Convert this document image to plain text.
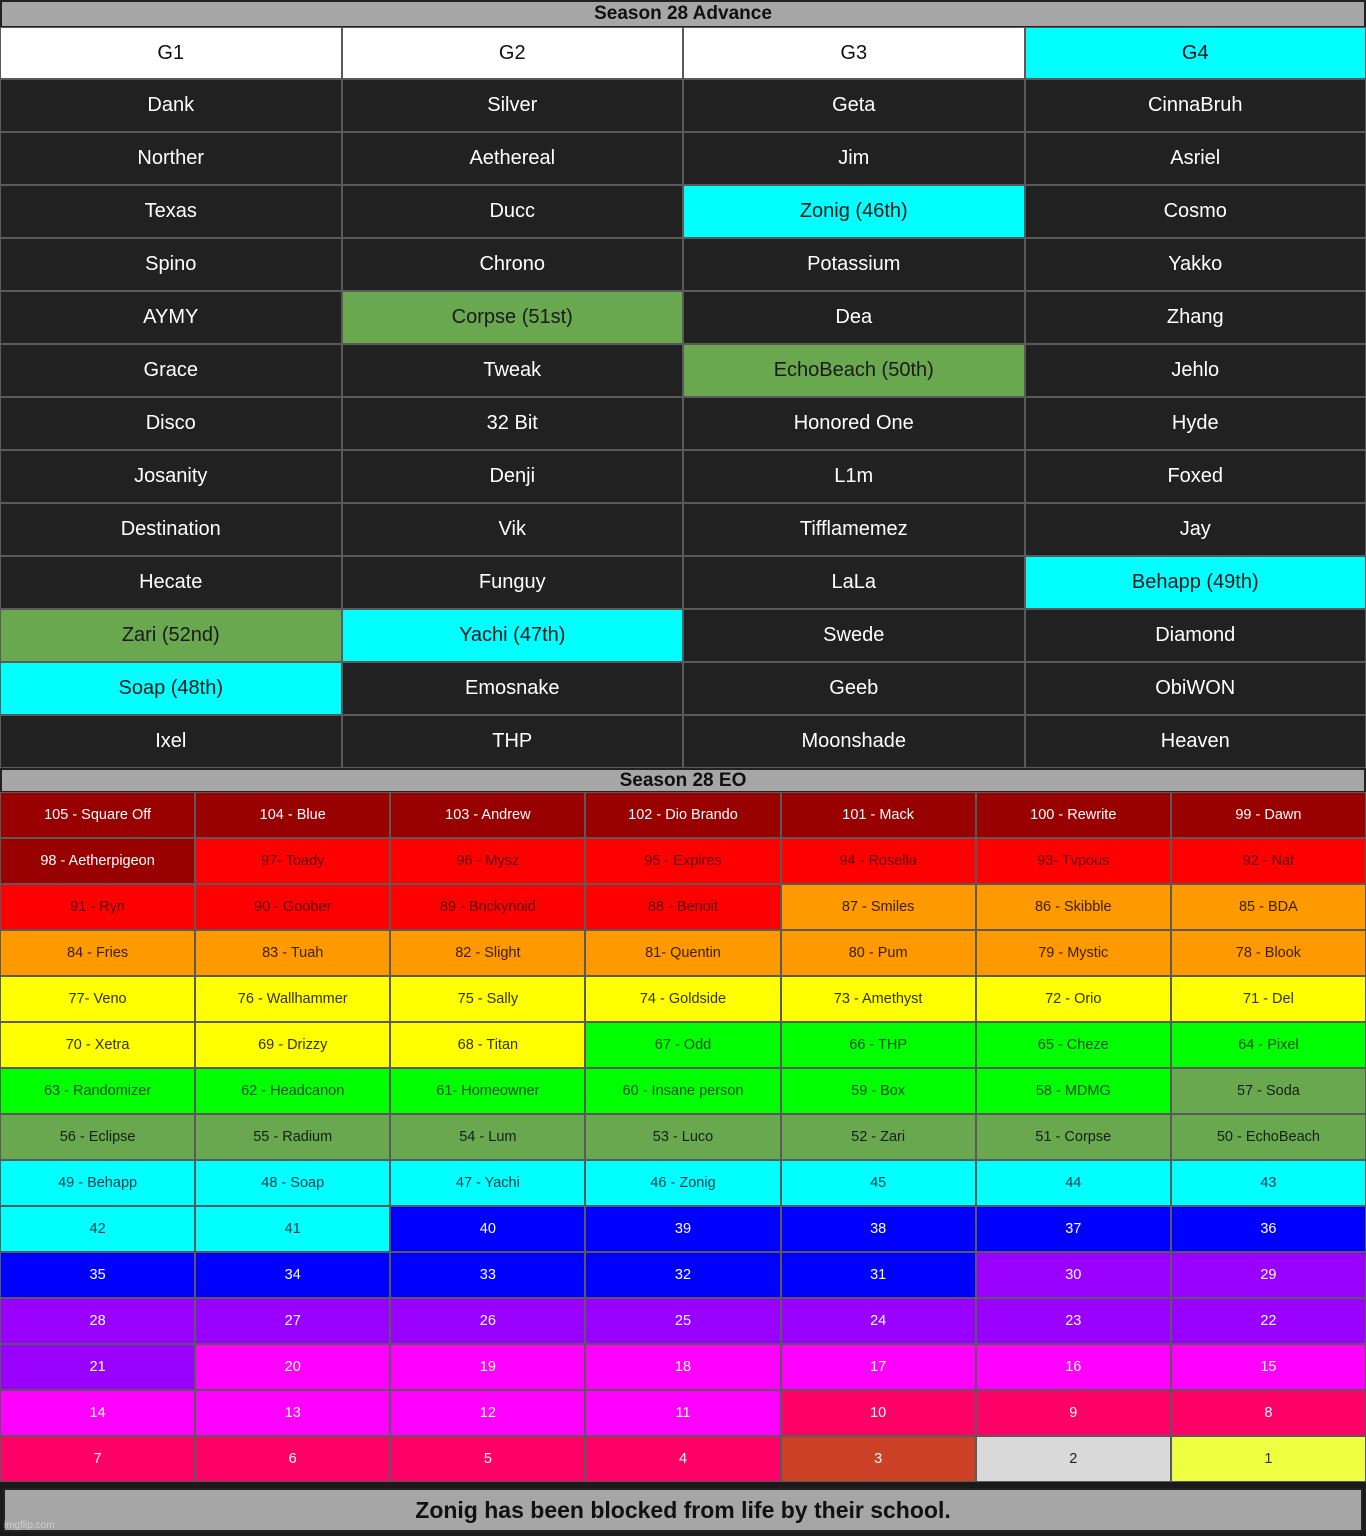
Season 28 Advance
G1	G2	G3	G4
Dank	Silver	Geta	CinnaBruh
Norther	Aethereal	Jim	Asriel
Texas	Ducc	Zonig (46th)	Cosmo
Spino	Chrono	Potassium	Yakko
AYMY	Corpse (51st)	Dea	Zhang
Grace	Tweak	EchoBeach (50th)	Jehlo
Disco	32 Bit	Honored One	Hyde
Josanity	Denji	L1m	Foxed
Destination	Vik	Tifflamemez	Jay
Hecate	Funguy	LaLa	Behapp (49th)
Zari (52nd)	Yachi (47th)	Swede	Diamond
Soap (48th)	Emosnake	Geeb	ObiWON
Ixel	THP	Moonshade	Heaven
Season 28 EO
105 - Square Off	104 - Blue	103 - Andrew	102 - Dio Brando	101 - Mack	100 - Rewrite	99 - Dawn
98 - Aetherpigeon	97- Toady	96 - Mysz	95 - Expires	94 - Rosella	93- Tvpous	92 - Nat
91 - Ryn	90 - Goober	89 - Brickynoid	88 - Benoit	87 - Smiles	86 - Skibble	85 - BDA
84 - Fries	83 - Tuah	82 - Slight	81- Quentin	80 - Pum	79 - Mystic	78 - Blook
77- Veno	76 - Wallhammer	75 - Sally	74 - Goldside	73 - Amethyst	72 - Orio	71 - Del
70 - Xetra	69 - Drizzy	68 - Titan	67 - Odd	66 - THP	65 - Cheze	64 - Pixel
63 - Randomizer	62 - Headcanon	61- Homeowner	60 - Insane person	59 - Box	58 - MDMG	57 - Soda
56 - Eclipse	55 - Radium	54 - Lum	53 - Luco	52 - Zari	51 - Corpse	50 - EchoBeach
49 - Behapp	48 - Soap	47 - Yachi	46 - Zonig	45	44	43
42	41	40	39	38	37	36
35	34	33	32	31	30	29
28	27	26	25	24	23	22
21	20	19	18	17	16	15
14	13	12	11	10	9	8
7	6	5	4	3	2	1
Zonig has been blocked from life by their school.
imgflip.com
